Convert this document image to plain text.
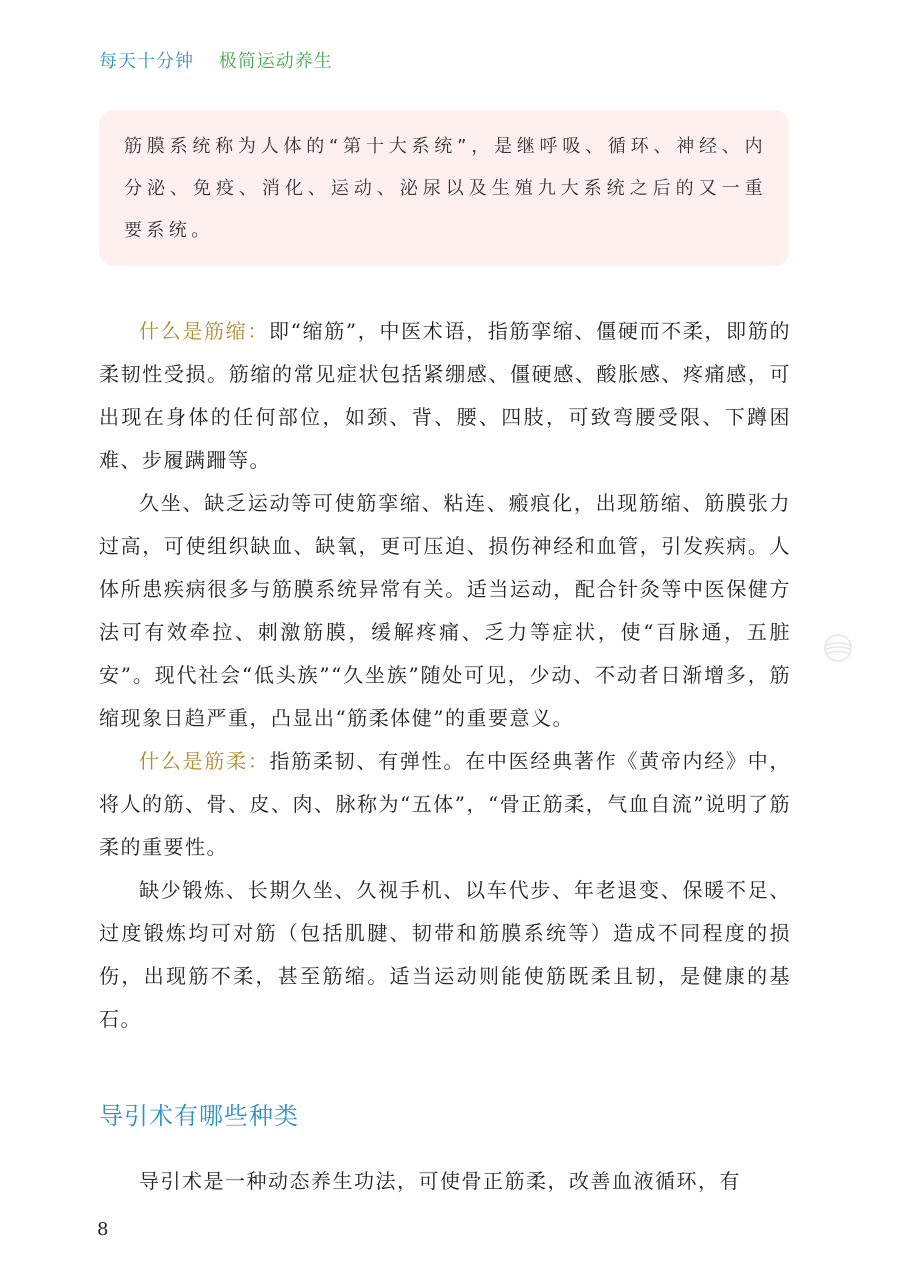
每天十分钟 极简运动养生

筋膜系统称为人体的“第十大系统”，是继呼吸、循环、神经、内分泌、免疫、消化、运动、泌尿以及生殖九大系统之后的又一重要系统。

什么是筋缩：即“缩筋”，中医术语，指筋挛缩、僵硬而不柔，即筋的柔韧性受损。筋缩的常见症状包括紧绷感、僵硬感、酸胀感、疼痛感，可出现在身体的任何部位，如颈、背、腰、四肢，可致弯腰受限、下蹲困难、步履蹒跚等。

久坐、缺乏运动等可使筋挛缩、粘连、瘢痕化，出现筋缩、筋膜张力过高，可使组织缺血、缺氧，更可压迫、损伤神经和血管，引发疾病。人体所患疾病很多与筋膜系统异常有关。适当运动，配合针灸等中医保健方法可有效牵拉、刺激筋膜，缓解疼痛、乏力等症状，使“百脉通，五脏安”。现代社会“低头族”“久坐族”随处可见，少动、不动者日渐增多，筋缩现象日趋严重，凸显出“筋柔体健”的重要意义。

什么是筋柔：指筋柔韧、有弹性。在中医经典著作《黄帝内经》中，将人的筋、骨、皮、肉、脉称为“五体”，“骨正筋柔，气血自流”说明了筋柔的重要性。

缺少锻炼、长期久坐、久视手机、以车代步、年老退变、保暖不足、过度锻炼均可对筋（包括肌腱、韧带和筋膜系统等）造成不同程度的损伤，出现筋不柔，甚至筋缩。适当运动则能使筋既柔且韧，是健康的基石。

导引术有哪些种类

导引术是一种动态养生功法，可使骨正筋柔，改善血液循环，有

8
